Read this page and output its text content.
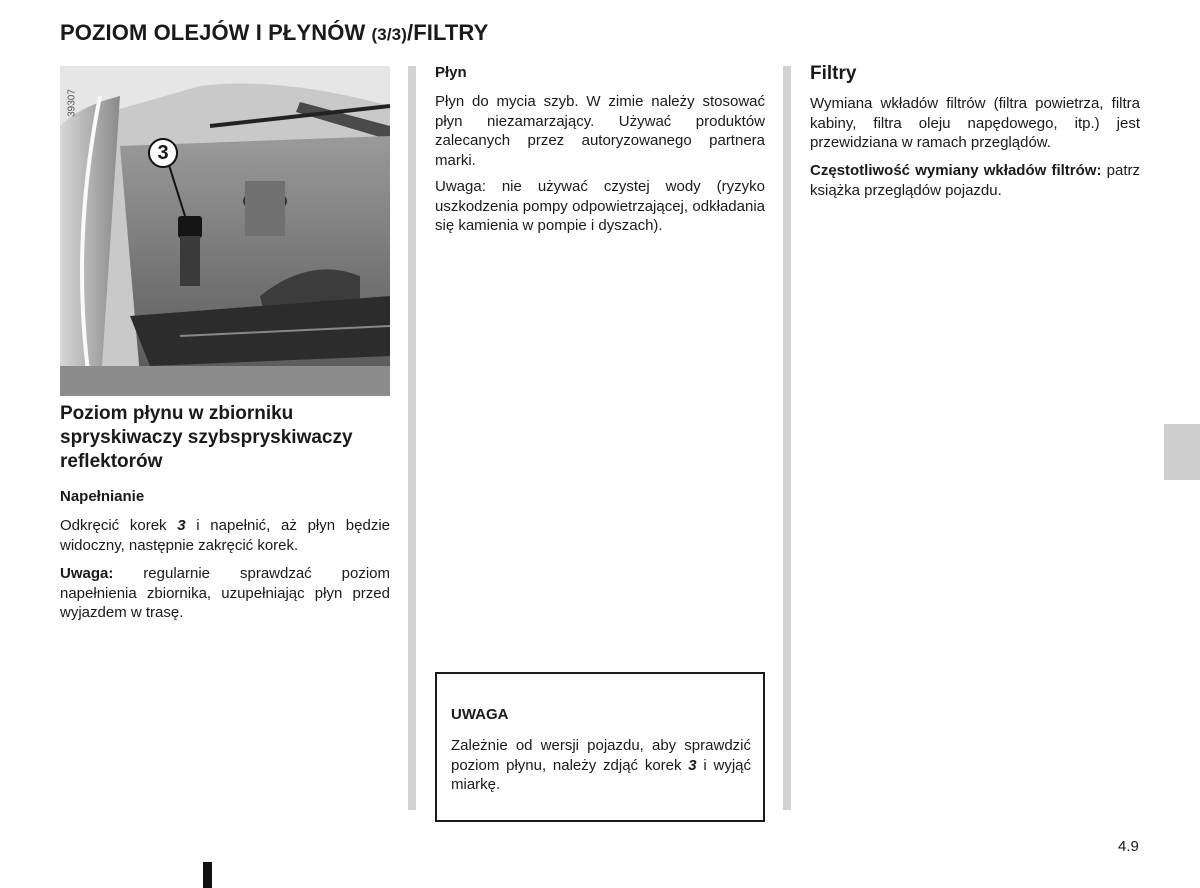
POZIOM OLEJÓW I PŁYNÓW (3/3)/FILTRY
39307
3
Poziom płynu w zbiorniku spryskiwaczy szybspryskiwaczy reflektorów
Napełnianie

Odkręcić korek 3 i napełnić, aż płyn będzie widoczny, następnie zakręcić korek.

Uwaga: regularnie sprawdzać poziom napełnienia zbiornika, uzupełniając płyn przed wyjazdem w trasę.

Płyn

Płyn do mycia szyb. W zimie należy stosować płyn niezamarzający. Używać produktów zalecanych przez autoryzowanego partnera marki.

Uwaga: nie używać czystej wody (ryzyko uszkodzenia pompy odpowietrzającej, odkładania się kamienia w pompie i dyszach).

UWAGA

Zależnie od wersji pojazdu, aby sprawdzić poziom płynu, należy zdjąć korek 3 i wyjąć miarkę.

Filtry

Wymiana wkładów filtrów (filtra powietrza, filtra kabiny, filtra oleju napędowego, itp.) jest przewidziana w ramach przeglądów.

Częstotliwość wymiany wkładów filtrów: patrz książka przeglądów pojazdu.

4.9
